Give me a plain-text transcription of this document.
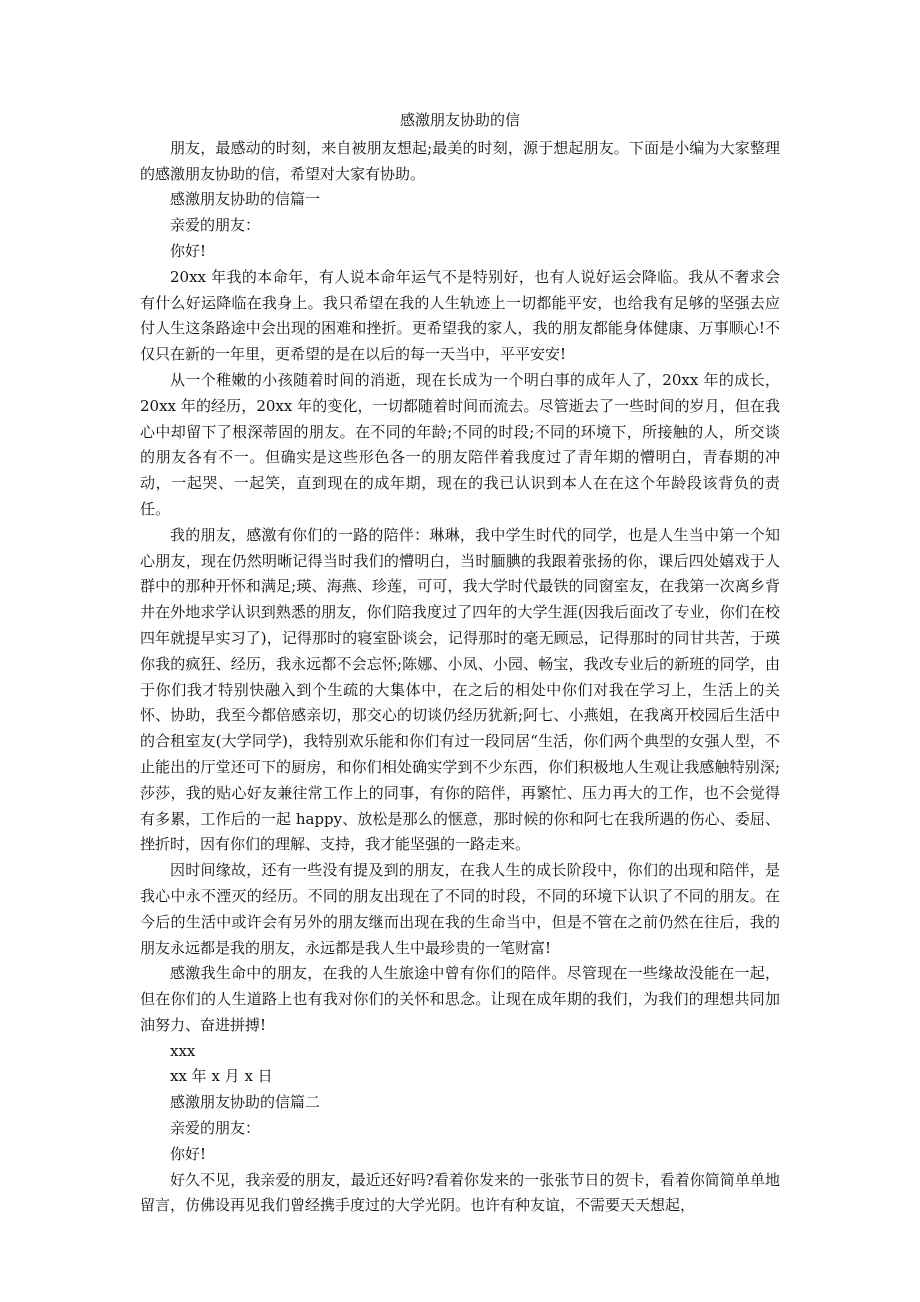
感激朋友协助的信

朋友，最感动的时刻，来自被朋友想起;最美的时刻，源于想起朋友。下面是小编为大家整理的感激朋友协助的信，希望对大家有协助。

感激朋友协助的信篇一

亲爱的朋友：

你好!

20xx 年我的本命年，有人说本命年运气不是特别好，也有人说好运会降临。我从不奢求会有什么好运降临在我身上。我只希望在我的人生轨迹上一切都能平安，也给我有足够的坚强去应付人生这条路途中会出现的困难和挫折。更希望我的家人，我的朋友都能身体健康、万事顺心!不仅只在新的一年里，更希望的是在以后的每一天当中，平平安安!

从一个稚嫩的小孩随着时间的消逝，现在长成为一个明白事的成年人了，20xx 年的成长，20xx 年的经历，20xx 年的变化，一切都随着时间而流去。尽管逝去了一些时间的岁月，但在我心中却留下了根深蒂固的朋友。在不同的年龄;不同的时段;不同的环境下，所接触的人，所交谈的朋友各有不一。但确实是这些形色各一的朋友陪伴着我度过了青年期的懵明白，青春期的冲动，一起哭、一起笑，直到现在的成年期，现在的我已认识到本人在在这个年龄段该背负的责任。

我的朋友，感激有你们的一路的陪伴：琳琳，我中学生时代的同学，也是人生当中第一个知心朋友，现在仍然明晰记得当时我们的懵明白，当时腼腆的我跟着张扬的你，课后四处嬉戏于人群中的那种开怀和满足;瑛、海燕、珍莲，可可，我大学时代最铁的同窗室友，在我第一次离乡背井在外地求学认识到熟悉的朋友，你们陪我度过了四年的大学生涯(因我后面改了专业，你们在校四年就提早实习了)，记得那时的寝室卧谈会，记得那时的毫无顾忌，记得那时的同甘共苦，于瑛你我的疯狂、经历，我永远都不会忘怀;陈娜、小凤、小园、畅宝，我改专业后的新班的同学，由于你们我才特别快融入到个生疏的大集体中，在之后的相处中你们对我在学习上，生活上的关怀、协助，我至今都倍感亲切，那交心的切谈仍经历犹新;阿七、小燕姐，在我离开校园后生活中的合租室友(大学同学)，我特别欢乐能和你们有过一段同居“生活，你们两个典型的女强人型，不止能出的厅堂还可下的厨房，和你们相处确实学到不少东西，你们积极地人生观让我感触特别深;莎莎，我的贴心好友兼往常工作上的同事，有你的陪伴，再繁忙、压力再大的工作，也不会觉得有多累，工作后的一起 happy、放松是那么的惬意，那时候的你和阿七在我所遇的伤心、委屈、挫折时，因有你们的理解、支持，我才能坚强的一路走来。

因时间缘故，还有一些没有提及到的朋友，在我人生的成长阶段中，你们的出现和陪伴，是我心中永不湮灭的经历。不同的朋友出现在了不同的时段，不同的环境下认识了不同的朋友。在今后的生活中或许会有另外的朋友继而出现在我的生命当中，但是不管在之前仍然在往后，我的朋友永远都是我的朋友，永远都是我人生中最珍贵的一笔财富!

感激我生命中的朋友，在我的人生旅途中曾有你们的陪伴。尽管现在一些缘故没能在一起，但在你们的人生道路上也有我对你们的关怀和思念。让现在成年期的我们，为我们的理想共同加油努力、奋进拼搏!

xxx

xx 年 x 月 x 日

感激朋友协助的信篇二

亲爱的朋友：

你好!

好久不见，我亲爱的朋友，最近还好吗?看着你发来的一张张节日的贺卡，看着你简简单单地留言，仿佛设再见我们曾经携手度过的大学光阴。也许有种友谊，不需要天天想起，
